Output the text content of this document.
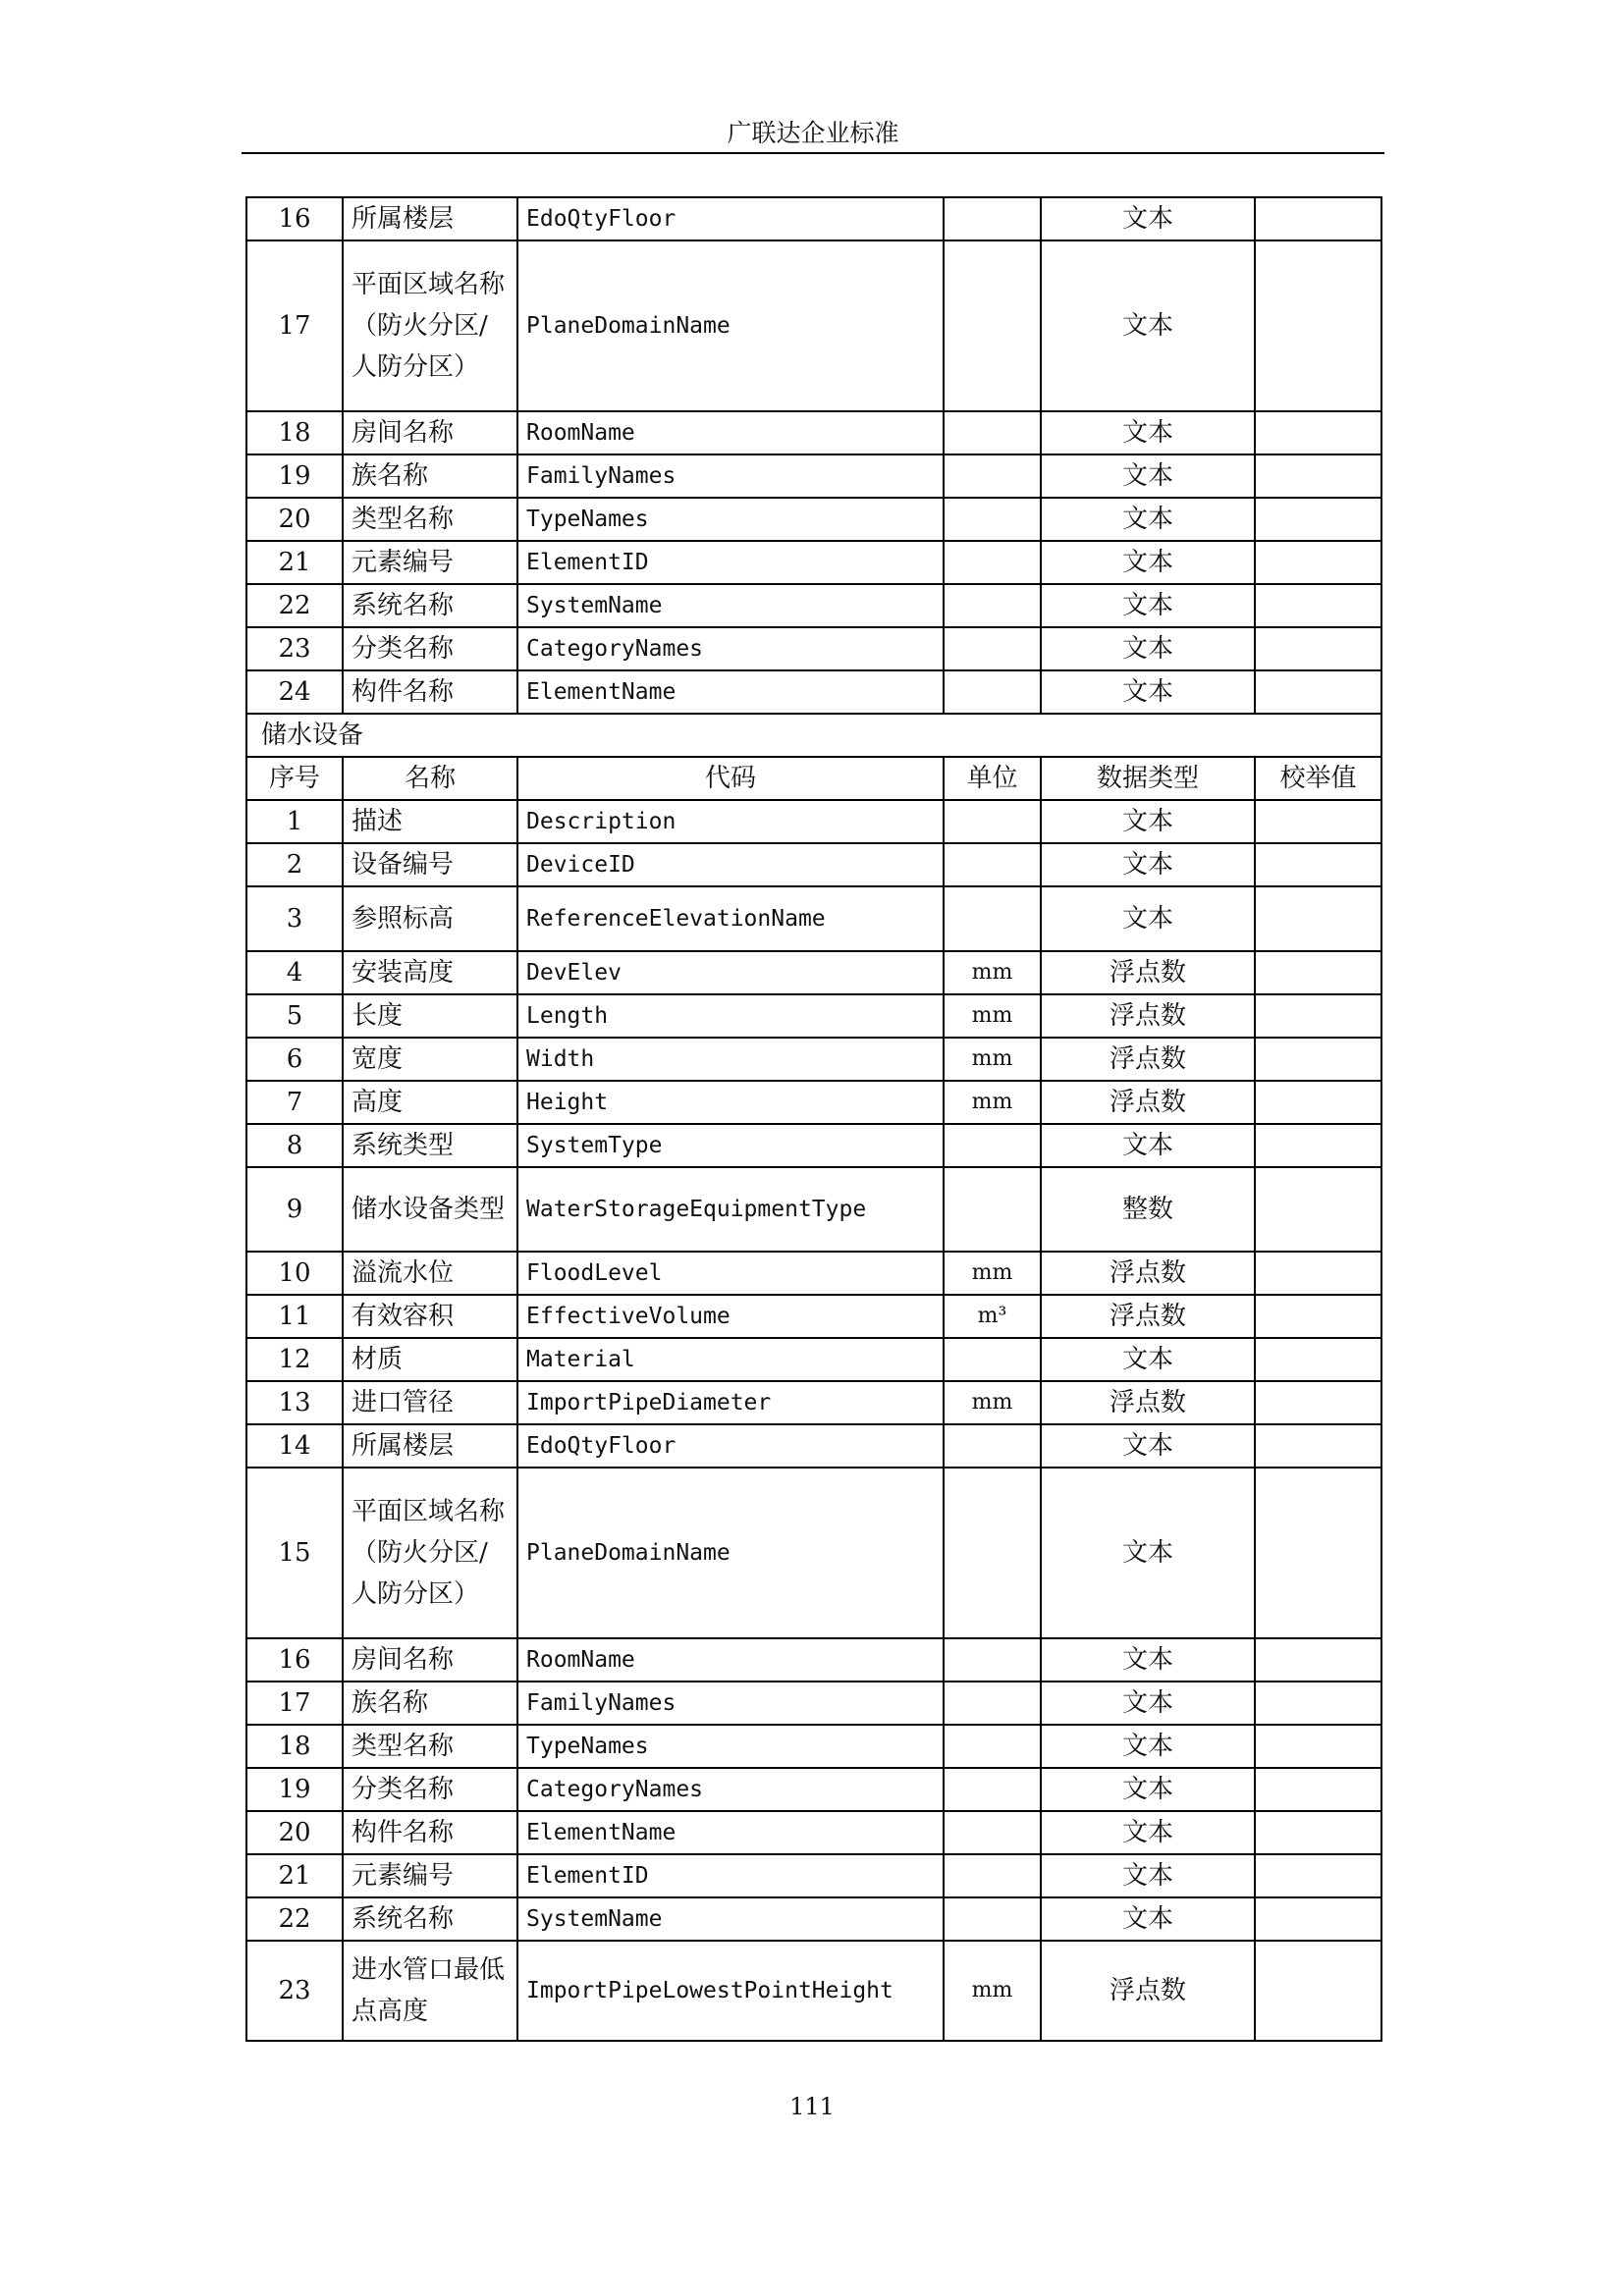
广联达企业标准
16	所属楼层	EdoQtyFloor		文本	
17	平面区域名称（防火分区/人防分区）	PlaneDomainName		文本	
18	房间名称	RoomName		文本	
19	族名称	FamilyNames		文本	
20	类型名称	TypeNames		文本	
21	元素编号	ElementID		文本	
22	系统名称	SystemName		文本	
23	分类名称	CategoryNames		文本	
24	构件名称	ElementName		文本	
储水设备					
序号	名称	代码	单位	数据类型	校举值
1	描述	Description		文本	
2	设备编号	DeviceID		文本	
3	参照标高	ReferenceElevationName		文本	
4	安装高度	DevElev	mm	浮点数	
5	长度	Length	mm	浮点数	
6	宽度	Width	mm	浮点数	
7	高度	Height	mm	浮点数	
8	系统类型	SystemType		文本	
9	储水设备类型	WaterStorageEquipmentType		整数	
10	溢流水位	FloodLevel	mm	浮点数	
11	有效容积	EffectiveVolume	m³	浮点数	
12	材质	Material		文本	
13	进口管径	ImportPipeDiameter	mm	浮点数	
14	所属楼层	EdoQtyFloor		文本	
15	平面区域名称（防火分区/人防分区）	PlaneDomainName		文本	
16	房间名称	RoomName		文本	
17	族名称	FamilyNames		文本	
18	类型名称	TypeNames		文本	
19	分类名称	CategoryNames		文本	
20	构件名称	ElementName		文本	
21	元素编号	ElementID		文本	
22	系统名称	SystemName		文本	
23	进水管口最低点高度	ImportPipeLowestPointHeight	mm	浮点数	
111
